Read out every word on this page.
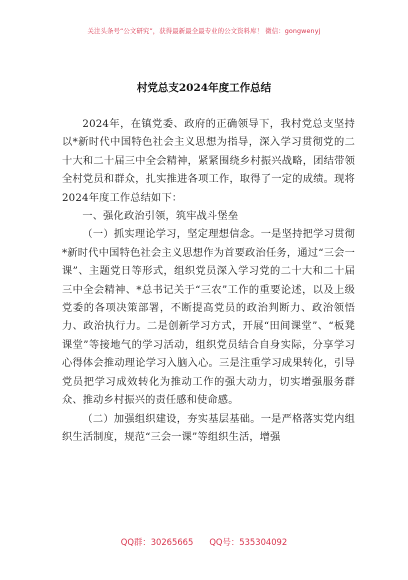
关注头条号“公文研究”，获得最新最全最专业的公文资料库！ 微信：gongwenyj
村党总支2024年度工作总结

2024年，在镇党委、政府的正确领导下，我村党总支坚持以*新时代中国特色社会主义思想为指导，深入学习贯彻党的二十大和二十届三中全会精神，紧紧围绕乡村振兴战略，团结带领全村党员和群众，扎实推进各项工作，取得了一定的成绩。现将2024年度工作总结如下：

一、强化政治引领，筑牢战斗堡垒

（一）抓实理论学习，坚定理想信念。一是坚持把学习贯彻*新时代中国特色社会主义思想作为首要政治任务，通过“三会一课”、主题党日等形式，组织党员深入学习党的二十大和二十届三中全会精神、*总书记关于“三农”工作的重要论述，以及上级党委的各项决策部署，不断提高党员的政治判断力、政治领悟力、政治执行力。二是创新学习方式，开展“田间课堂”、“板凳课堂”等接地气的学习活动，组织党员结合自身实际，分享学习心得体会推动理论学习入脑入心。三是注重学习成果转化，引导党员把学习成效转化为推动工作的强大动力，切实增强服务群众、推动乡村振兴的责任感和使命感。

（二）加强组织建设，夯实基层基础。一是严格落实党内组织生活制度，规范“三会一课”等组织生活，增强

QQ群：30265665 QQ号：535304092
